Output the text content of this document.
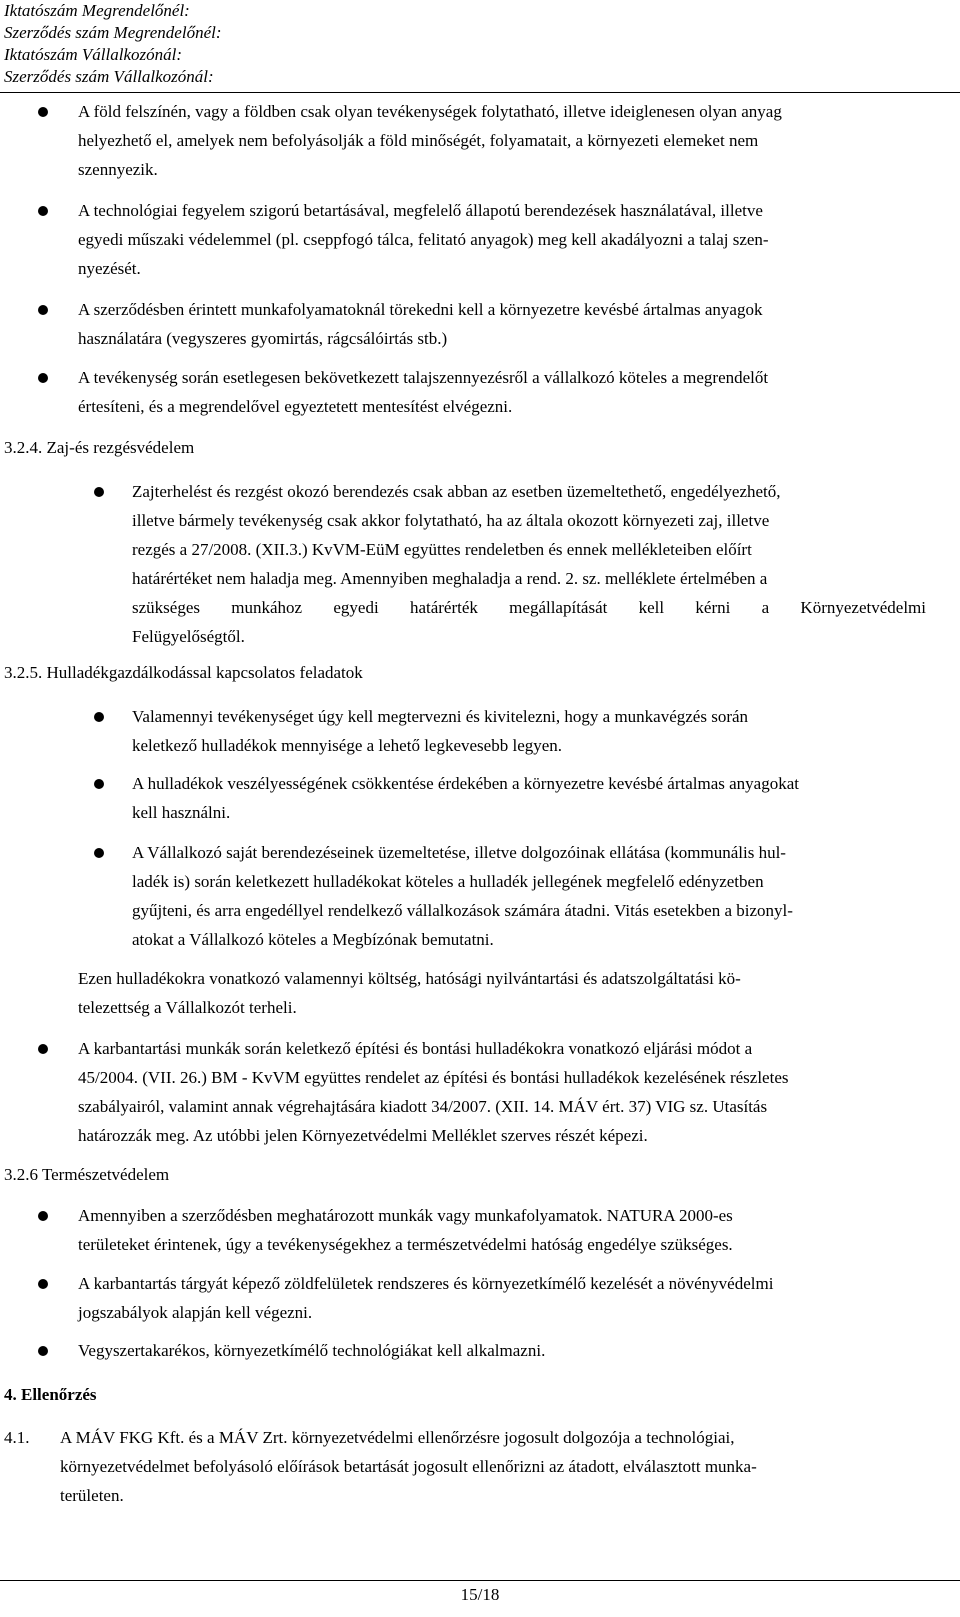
Iktatószám Megrendelőnél:
Szerződés szám Megrendelőnél:
Iktatószám Vállalkozónál:
Szerződés szám Vállalkozónál:

A föld felszínén, vagy a földben csak olyan tevékenységek folytatható, illetve ideiglenesen olyan anyag

helyezhető el, amelyek nem befolyásolják a föld minőségét, folyamatait, a környezeti elemeket nem

szennyezik.

A technológiai fegyelem szigorú betartásával, megfelelő állapotú berendezések használatával, illetve

egyedi műszaki védelemmel (pl. cseppfogó tálca, felitató anyagok) meg kell akadályozni a talaj szen-

nyezését.

A szerződésben érintett munkafolyamatoknál törekedni kell a környezetre kevésbé ártalmas anyagok

használatára (vegyszeres gyomirtás, rágcsálóirtás stb.)

A tevékenység során esetlegesen bekövetkezett talajszennyezésről a vállalkozó köteles a megrendelőt

értesíteni, és a megrendelővel egyeztetett mentesítést elvégezni.

3.2.4. Zaj-és rezgésvédelem

Zajterhelést és rezgést okozó berendezés csak abban az esetben üzemeltethető, engedélyezhető,

illetve bármely tevékenység csak akkor folytatható, ha az általa okozott környezeti zaj, illetve

rezgés a 27/2008. (XII.3.) KvVM-EüM együttes rendeletben és ennek mellékleteiben előírt

határértéket nem haladja meg. Amennyiben meghaladja a rend. 2. sz. melléklete értelmében a

szükséges munkához egyedi határérték megállapítását kell kérni a Környezetvédelmi

Felügyelőségtől.

3.2.5. Hulladékgazdálkodással kapcsolatos feladatok

Valamennyi tevékenységet úgy kell megtervezni és kivitelezni, hogy a munkavégzés során

keletkező hulladékok mennyisége a lehető legkevesebb legyen.

A hulladékok veszélyességének csökkentése érdekében a környezetre kevésbé ártalmas anyagokat

kell használni.

A Vállalkozó saját berendezéseinek üzemeltetése, illetve dolgozóinak ellátása (kommunális hul-

ladék is) során keletkezett hulladékokat köteles a hulladék jellegének megfelelő edényzetben

gyűjteni, és arra engedéllyel rendelkező vállalkozások számára átadni. Vitás esetekben a bizonyl-

atokat a Vállalkozó köteles a Megbízónak bemutatni.

Ezen hulladékokra vonatkozó valamennyi költség, hatósági nyilvántartási és adatszolgáltatási kö-

telezettség a Vállalkozót terheli.

A karbantartási munkák során keletkező építési és bontási hulladékokra vonatkozó eljárási módot a

45/2004. (VII. 26.) BM - KvVM együttes rendelet az építési és bontási hulladékok kezelésének részletes

szabályairól, valamint annak végrehajtására kiadott 34/2007. (XII. 14. MÁV ért. 37) VIG sz. Utasítás

határozzák meg. Az utóbbi jelen Környezetvédelmi Melléklet szerves részét képezi.

3.2.6 Természetvédelem

Amennyiben a szerződésben meghatározott munkák vagy munkafolyamatok. NATURA 2000-es

területeket érintenek, úgy a tevékenységekhez a természetvédelmi hatóság engedélye szükséges.

A karbantartás tárgyát képező zöldfelületek rendszeres és környezetkímélő kezelését a növényvédelmi

jogszabályok alapján kell végezni.

Vegyszertakarékos, környezetkímélő technológiákat kell alkalmazni.

4. Ellenőrzés
4.1. A MÁV FKG Kft. és a MÁV Zrt. környezetvédelmi ellenőrzésre jogosult dolgozója a technológiai,

környezetvédelmet befolyásoló előírások betartását jogosult ellenőrizni az átadott, elválasztott munka-

területen.

15/18
